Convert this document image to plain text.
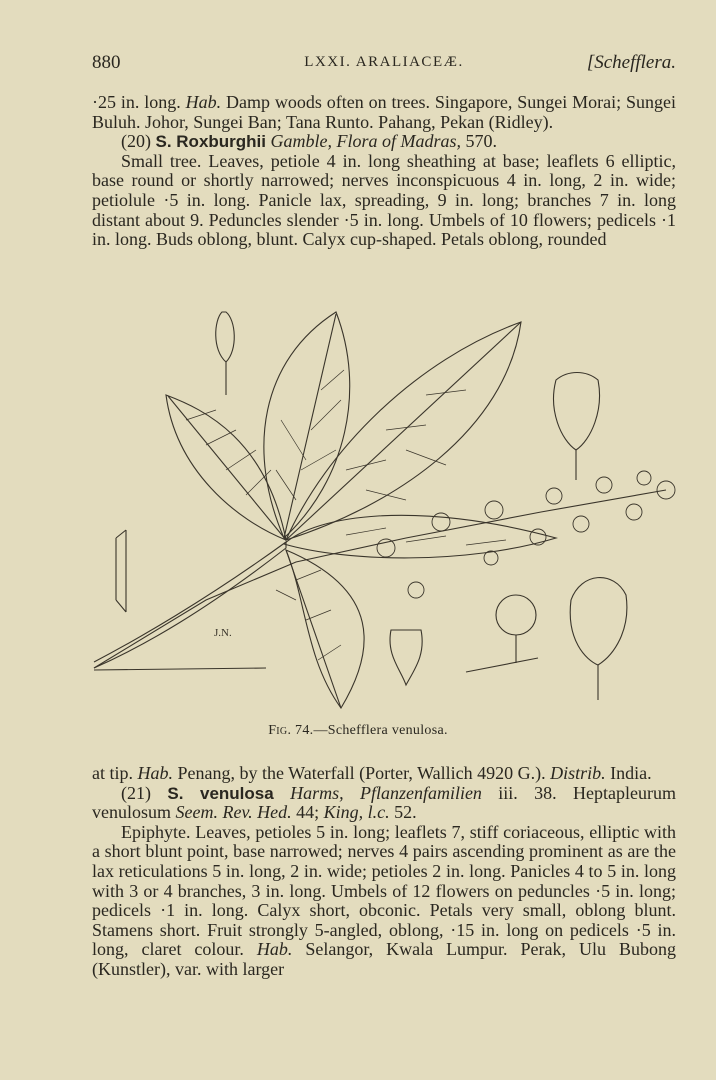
880	LXXI. ARALIACEÆ.	[Schefflera.

·25 in. long. Hab. Damp woods often on trees. Singapore, Sungei Morai; Sungei Buluh. Johor, Sungei Ban; Tana Runto. Pahang, Pekan (Ridley).

(20) S. Roxburghii Gamble, Flora of Madras, 570.

Small tree. Leaves, petiole 4 in. long sheathing at base; leaflets 6 elliptic, base round or shortly narrowed; nerves inconspicuous 4 in. long, 2 in. wide; petiolule ·5 in. long. Panicle lax, spreading, 9 in. long; branches 7 in. long distant about 9. Peduncles slender ·5 in. long. Umbels of 10 flowers; pedicels ·1 in. long. Buds oblong, blunt. Calyx cup-shaped. Petals oblong, rounded

J.N.
Fig. 74.—Schefflera venulosa.

at tip. Hab. Penang, by the Waterfall (Porter, Wallich 4920 G.). Distrib. India.

(21) S. venulosa Harms, Pflanzenfamilien iii. 38. Heptapleurum venulosum Seem. Rev. Hed. 44; King, l.c. 52.

Epiphyte. Leaves, petioles 5 in. long; leaflets 7, stiff coriaceous, elliptic with a short blunt point, base narrowed; nerves 4 pairs ascending prominent as are the lax reticulations 5 in. long, 2 in. wide; petioles 2 in. long. Panicles 4 to 5 in. long with 3 or 4 branches, 3 in. long. Umbels of 12 flowers on peduncles ·5 in. long; pedicels ·1 in. long. Calyx short, obconic. Petals very small, oblong blunt. Stamens short. Fruit strongly 5-angled, oblong, ·15 in. long on pedicels ·5 in. long, claret colour. Hab. Selangor, Kwala Lumpur. Perak, Ulu Bubong (Kunstler), var. with larger
